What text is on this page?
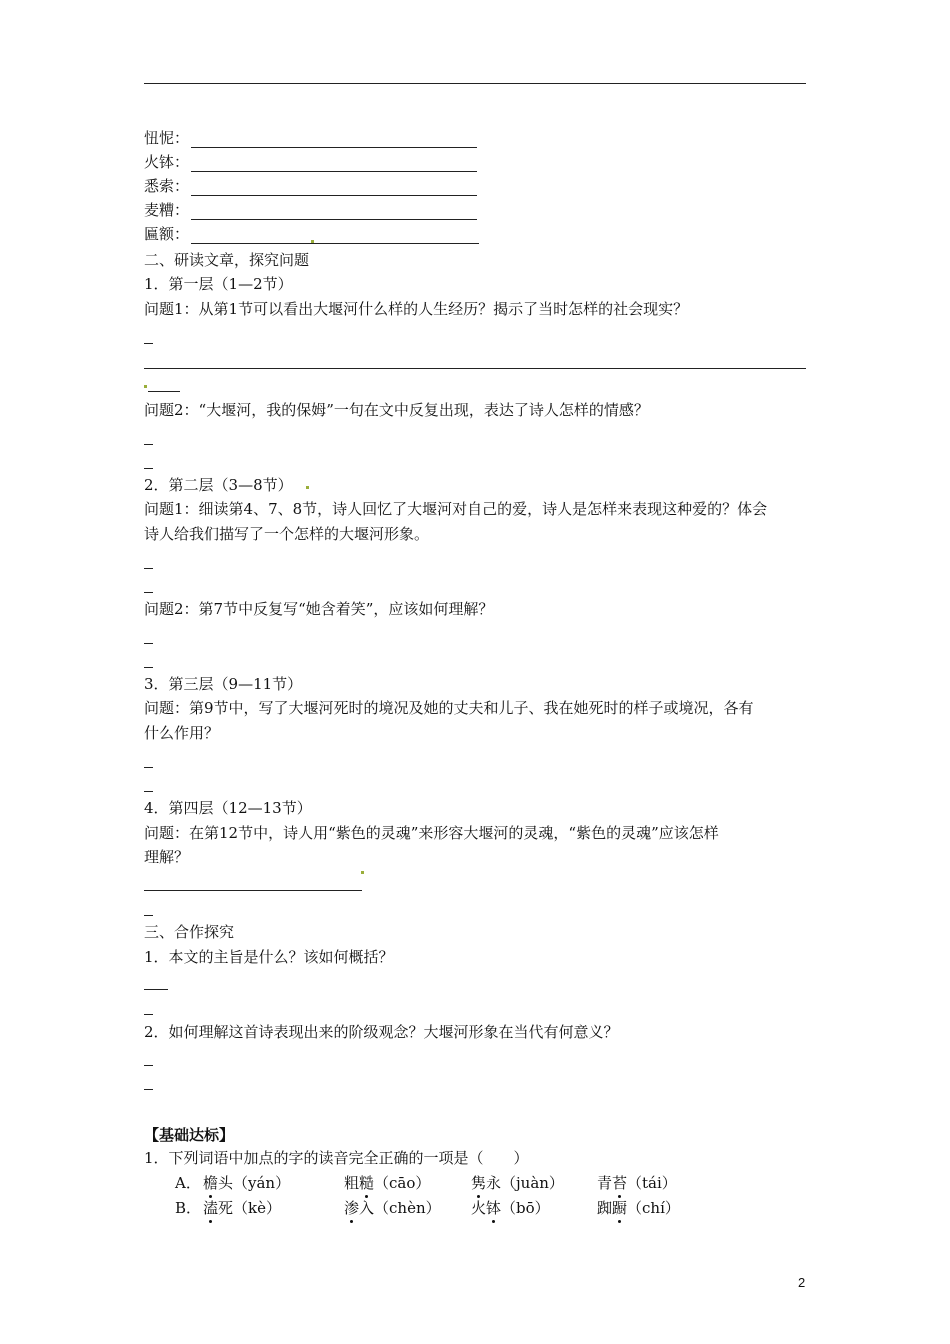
忸怩：
火钵：
悉索：
麦糟：
匾额：
二、研读文章，探究问题
1．第一层（1—2节）
问题1：从第1节可以看出大堰河什么样的人生经历？揭示了当时怎样的社会现实？
问题2：“大堰河，我的保姆”一句在文中反复出现，表达了诗人怎样的情感？
2．第二层（3—8节）
问题1：细读第4、7、8节，诗人回忆了大堰河对自己的爱，诗人是怎样来表现这种爱的？体会
诗人给我们描写了一个怎样的大堰河形象。
问题2：第7节中反复写“她含着笑”，应该如何理解？
3．第三层（9—11节）
问题：第9节中，写了大堰河死时的境况及她的丈夫和儿子、我在她死时的样子或境况，各有
什么作用？
4．第四层（12—13节）
问题：在第12节中，诗人用“紫色的灵魂”来形容大堰河的灵魂，“紫色的灵魂”应该怎样
理解？
三、合作探究
1．本文的主旨是什么？该如何概括？
2．如何理解这首诗表现出来的阶级观念？大堰河形象在当代有何意义？
【基础达标】
1．下列词语中加点的字的读音完全正确的一项是（　　）
A． 檐头（yán）	粗糙（cāo）	隽永（juàn） 青苔（tái）
B． 溘死（kè）	渗入（chèn） 火钵（bō）	踟蹰（chí）
2
